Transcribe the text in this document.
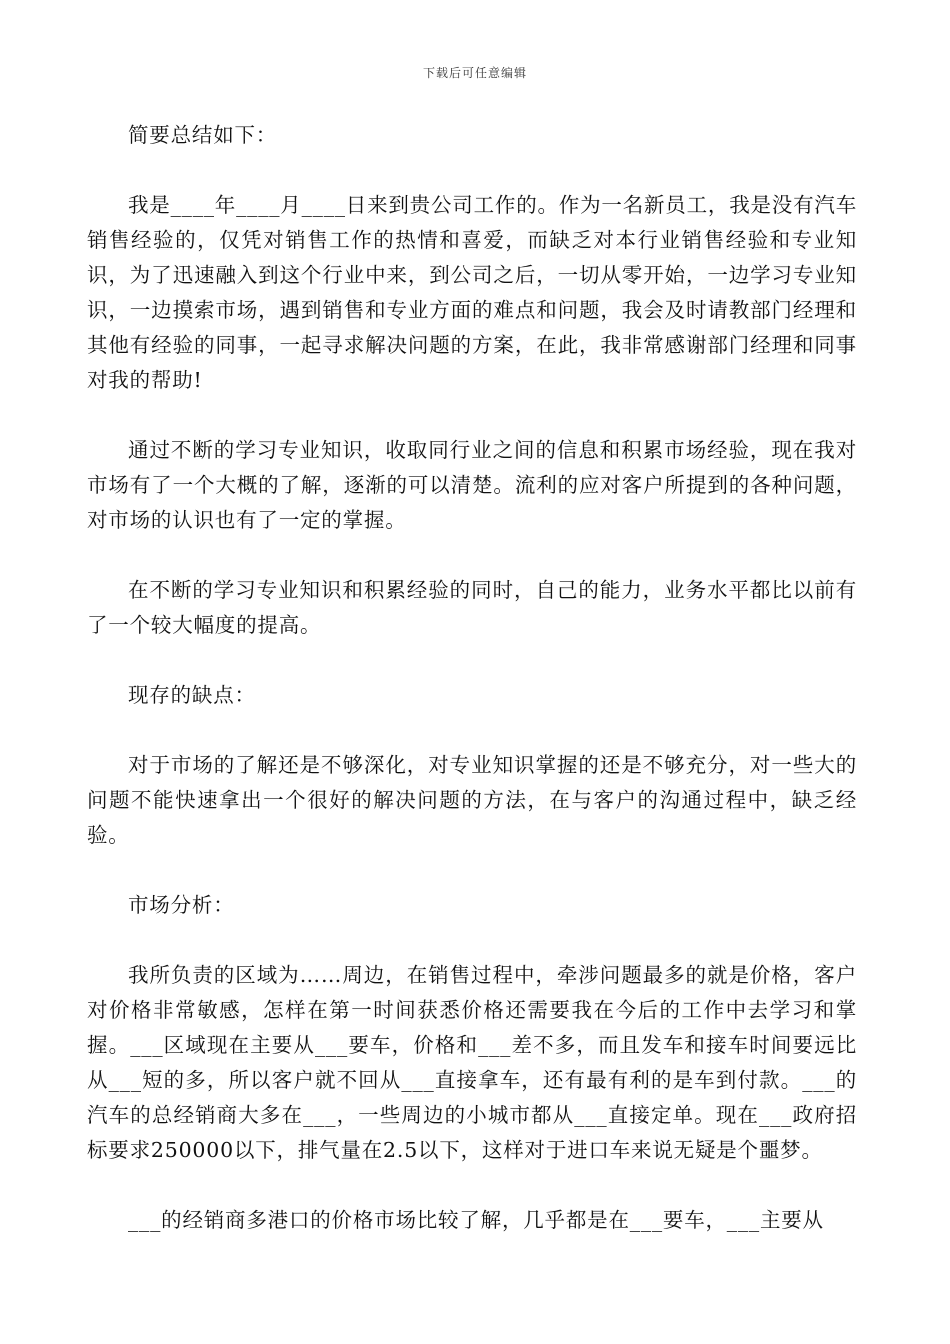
下载后可任意编辑

简要总结如下：

我是____年____月____日来到贵公司工作的。作为一名新员工，我是没有汽车销售经验的，仅凭对销售工作的热情和喜爱，而缺乏对本行业销售经验和专业知识，为了迅速融入到这个行业中来，到公司之后，一切从零开始，一边学习专业知识，一边摸索市场，遇到销售和专业方面的难点和问题，我会及时请教部门经理和其他有经验的同事，一起寻求解决问题的方案，在此，我非常感谢部门经理和同事对我的帮助!

通过不断的学习专业知识，收取同行业之间的信息和积累市场经验，现在我对市场有了一个大概的了解，逐渐的可以清楚。流利的应对客户所提到的各种问题，对市场的认识也有了一定的掌握。

在不断的学习专业知识和积累经验的同时，自己的能力，业务水平都比以前有了一个较大幅度的提高。

现存的缺点：

对于市场的了解还是不够深化，对专业知识掌握的还是不够充分，对一些大的问题不能快速拿出一个很好的解决问题的方法，在与客户的沟通过程中，缺乏经验。

市场分析：

我所负责的区域为……周边，在销售过程中，牵涉问题最多的就是价格，客户对价格非常敏感，怎样在第一时间获悉价格还需要我在今后的工作中去学习和掌握。___区域现在主要从___要车，价格和___差不多，而且发车和接车时间要远比从___短的多，所以客户就不回从___直接拿车，还有最有利的是车到付款。___的汽车的总经销商大多在___，一些周边的小城市都从___直接定单。现在___政府招标要求250000以下，排气量在2.5以下，这样对于进口车来说无疑是个噩梦。

___的经销商多港口的价格市场比较了解，几乎都是在___要车，___主要从
